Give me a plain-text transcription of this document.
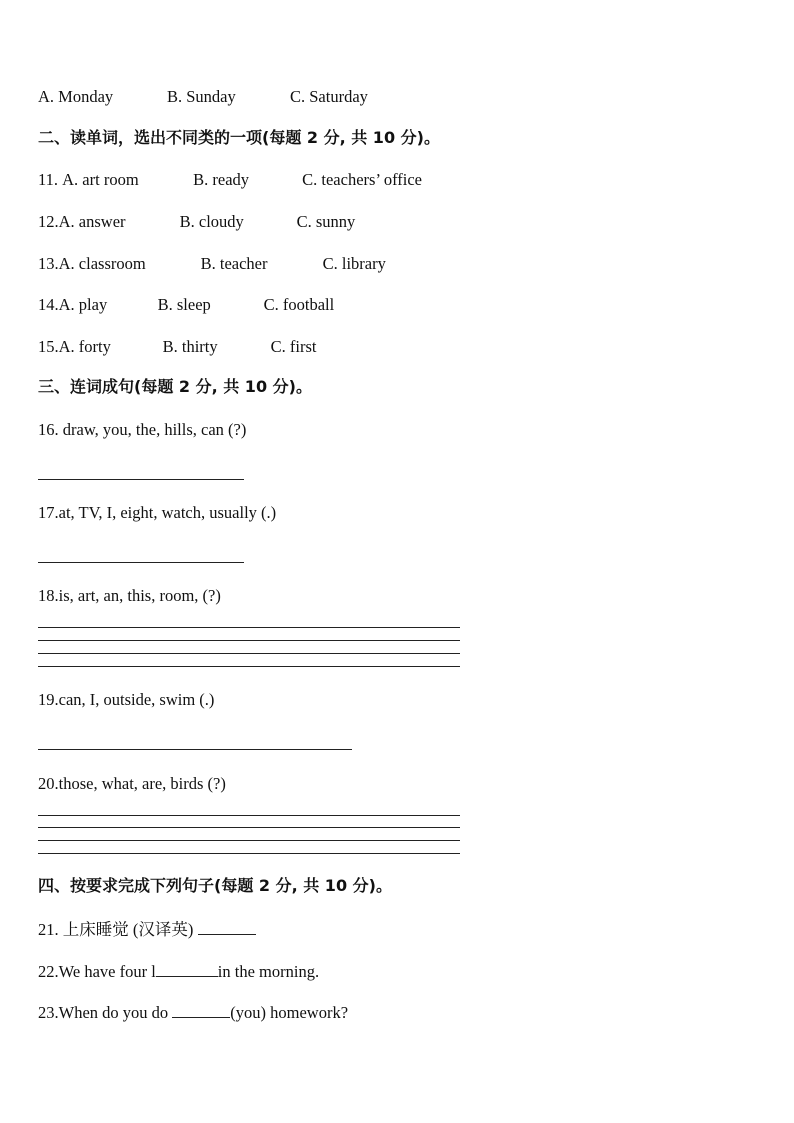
A. Monday	B. Sunday	C. Saturday
二、读单词，选出不同类的一项(每题 2 分, 共 10 分)。
11. A. art room	B. ready	C. teachers’ office
12.A. answer	B. cloudy	C. sunny
13.A. classroom	B. teacher	C. library
14.A. play	B. sleep	C. football
15.A. forty	B. thirty	C. first
三、连词成句(每题 2 分, 共 10 分)。
16. draw, you, the, hills, can (?)
17.at, TV, I, eight, watch, usually (.)
18.is, art, an, this, room, (?)
19.can, I, outside, swim (.)
20.those, what, are, birds (?)
四、按要求完成下列句子(每题 2 分, 共 10 分)。
21. 上床睡觉 (汉译英)
22.We have four l	in the morning.
23.When do you do	(you) homework?
